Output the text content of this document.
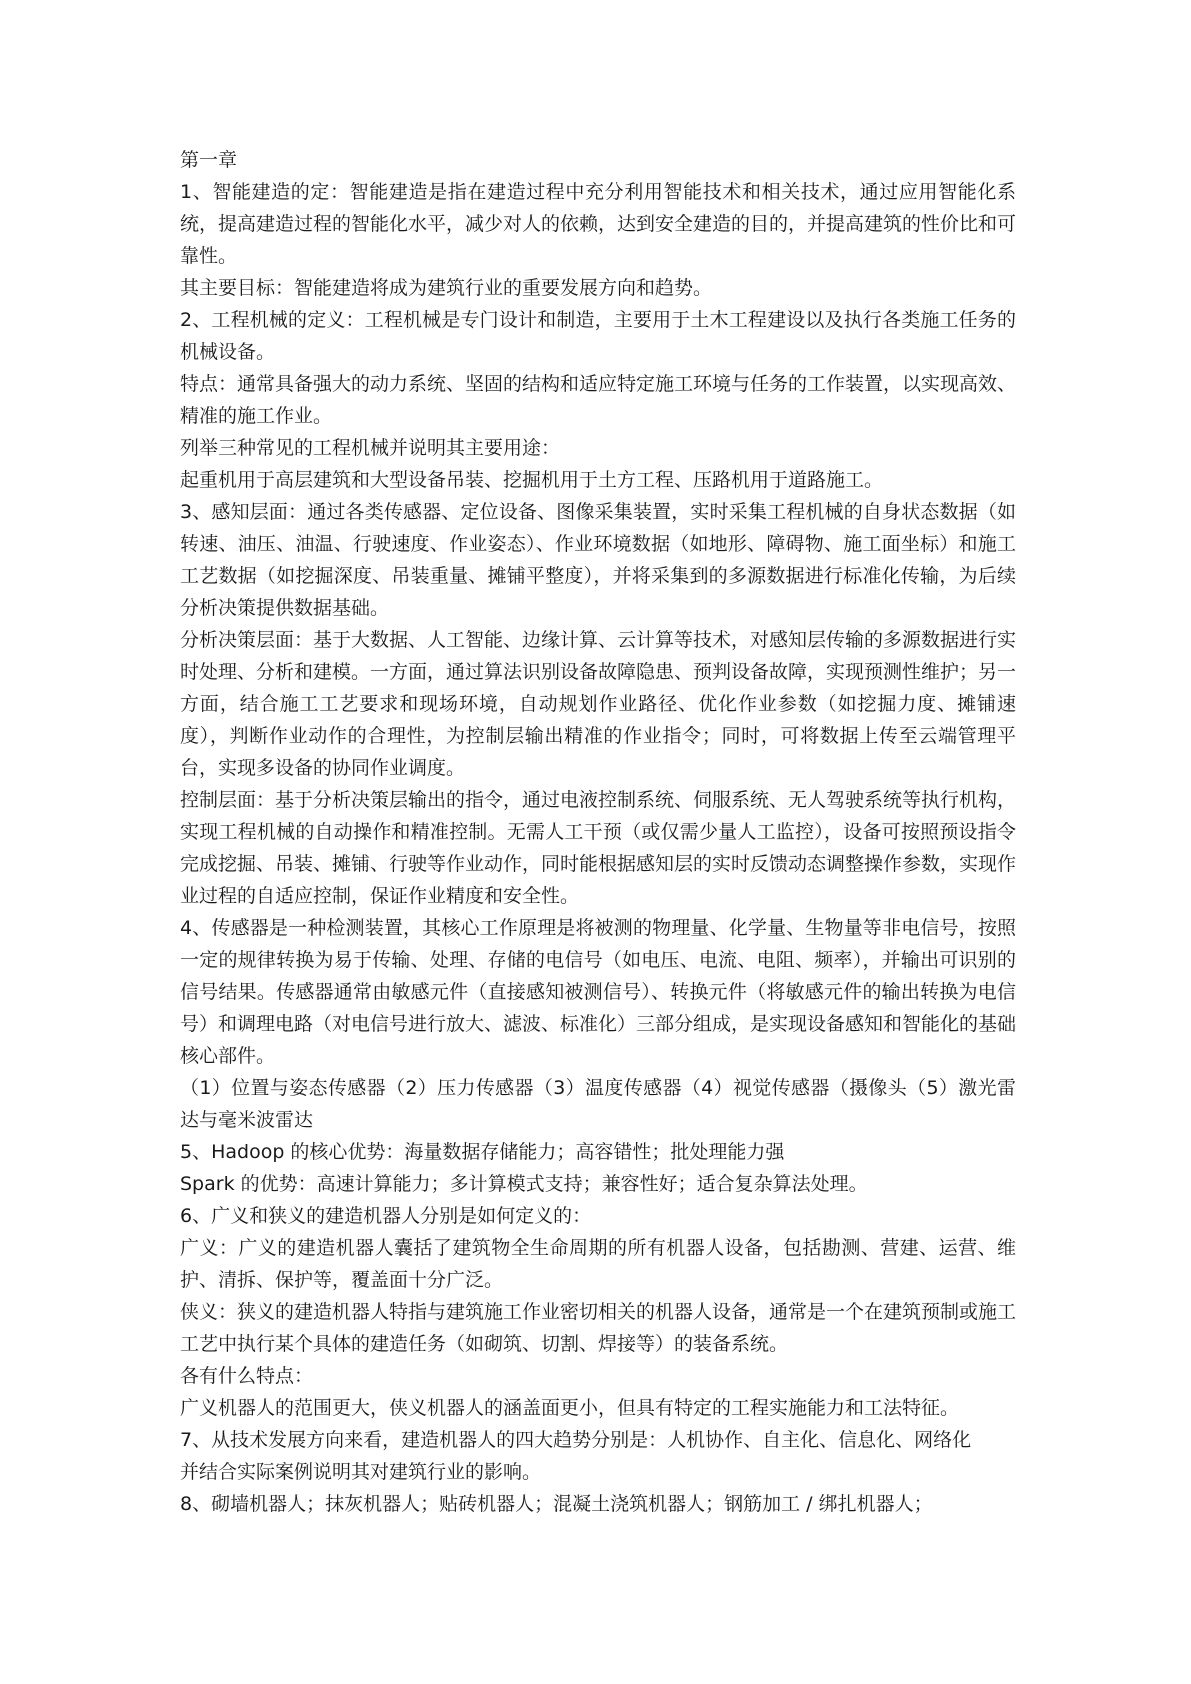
第一章

1、智能建造的定：智能建造是指在建造过程中充分利用智能技术和相关技术，通过应用智能化系统，提高建造过程的智能化水平，减少对人的依赖，达到安全建造的目的，并提高建筑的性价比和可靠性。

其主要目标：智能建造将成为建筑行业的重要发展方向和趋势。

2、工程机械的定义：工程机械是专门设计和制造，主要用于土木工程建设以及执行各类施工任务的机械设备。

特点：通常具备强大的动力系统、坚固的结构和适应特定施工环境与任务的工作装置，以实现高效、精准的施工作业。

列举三种常见的工程机械并说明其主要用途：

起重机用于高层建筑和大型设备吊装、挖掘机用于土方工程、压路机用于道路施工。

3、感知层面：通过各类传感器、定位设备、图像采集装置，实时采集工程机械的自身状态数据（如转速、油压、油温、行驶速度、作业姿态）、作业环境数据（如地形、障碍物、施工面坐标）和施工工艺数据（如挖掘深度、吊装重量、摊铺平整度），并将采集到的多源数据进行标准化传输，为后续分析决策提供数据基础。

分析决策层面：基于大数据、人工智能、边缘计算、云计算等技术，对感知层传输的多源数据进行实时处理、分析和建模。一方面，通过算法识别设备故障隐患、预判设备故障，实现预测性维护；另一方面，结合施工工艺要求和现场环境，自动规划作业路径、优化作业参数（如挖掘力度、摊铺速度），判断作业动作的合理性，为控制层输出精准的作业指令；同时，可将数据上传至云端管理平台，实现多设备的协同作业调度。

控制层面：基于分析决策层输出的指令，通过电液控制系统、伺服系统、无人驾驶系统等执行机构，实现工程机械的自动操作和精准控制。无需人工干预（或仅需少量人工监控），设备可按照预设指令完成挖掘、吊装、摊铺、行驶等作业动作，同时能根据感知层的实时反馈动态调整操作参数，实现作业过程的自适应控制，保证作业精度和安全性。

4、传感器是一种检测装置，其核心工作原理是将被测的物理量、化学量、生物量等非电信号，按照一定的规律转换为易于传输、处理、存储的电信号（如电压、电流、电阻、频率），并输出可识别的信号结果。传感器通常由敏感元件（直接感知被测信号）、转换元件（将敏感元件的输出转换为电信号）和调理电路（对电信号进行放大、滤波、标准化）三部分组成，是实现设备感知和智能化的基础核心部件。

（1）位置与姿态传感器（2）压力传感器（3）温度传感器（4）视觉传感器（摄像头（5）激光雷达与毫米波雷达

5、Hadoop 的核心优势：海量数据存储能力；高容错性；批处理能力强

Spark 的优势：高速计算能力；多计算模式支持；兼容性好；适合复杂算法处理。

6、广义和狭义的建造机器人分别是如何定义的：

广义：广义的建造机器人囊括了建筑物全生命周期的所有机器人设备，包括勘测、营建、运营、维护、清拆、保护等，覆盖面十分广泛。

侠义：狭义的建造机器人特指与建筑施工作业密切相关的机器人设备，通常是一个在建筑预制或施工工艺中执行某个具体的建造任务（如砌筑、切割、焊接等）的装备系统。

各有什么特点：

广义机器人的范围更大，侠义机器人的涵盖面更小，但具有特定的工程实施能力和工法特征。

7、从技术发展方向来看，建造机器人的四大趋势分别是：人机协作、自主化、信息化、网络化

并结合实际案例说明其对建筑行业的影响。

8、砌墙机器人；抹灰机器人；贴砖机器人；混凝土浇筑机器人；钢筋加工 / 绑扎机器人；
